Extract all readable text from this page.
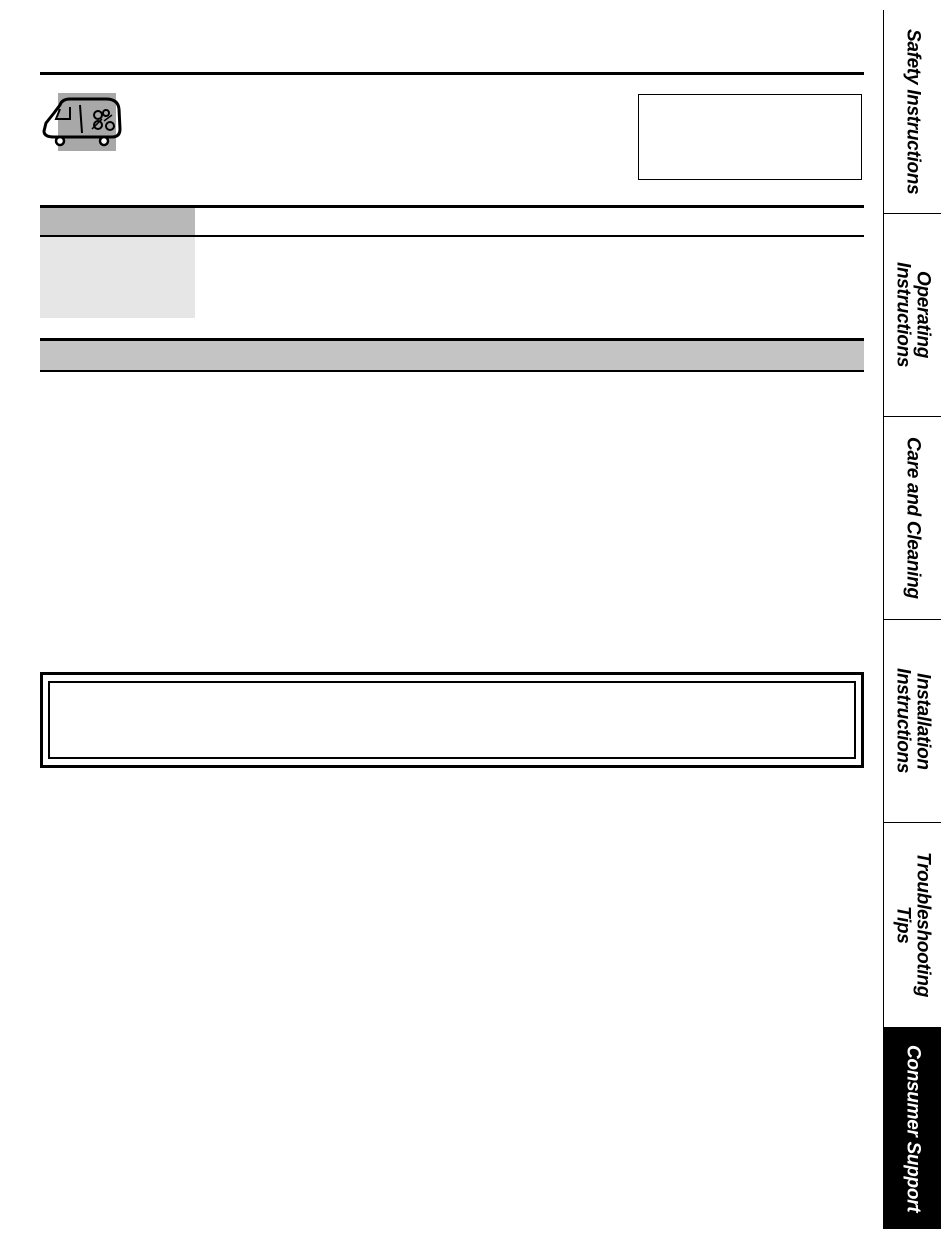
Safety Instructions
Operating
Instructions
Care and Cleaning
Installation
Instructions
Troubleshooting
Tips
Consumer Support
